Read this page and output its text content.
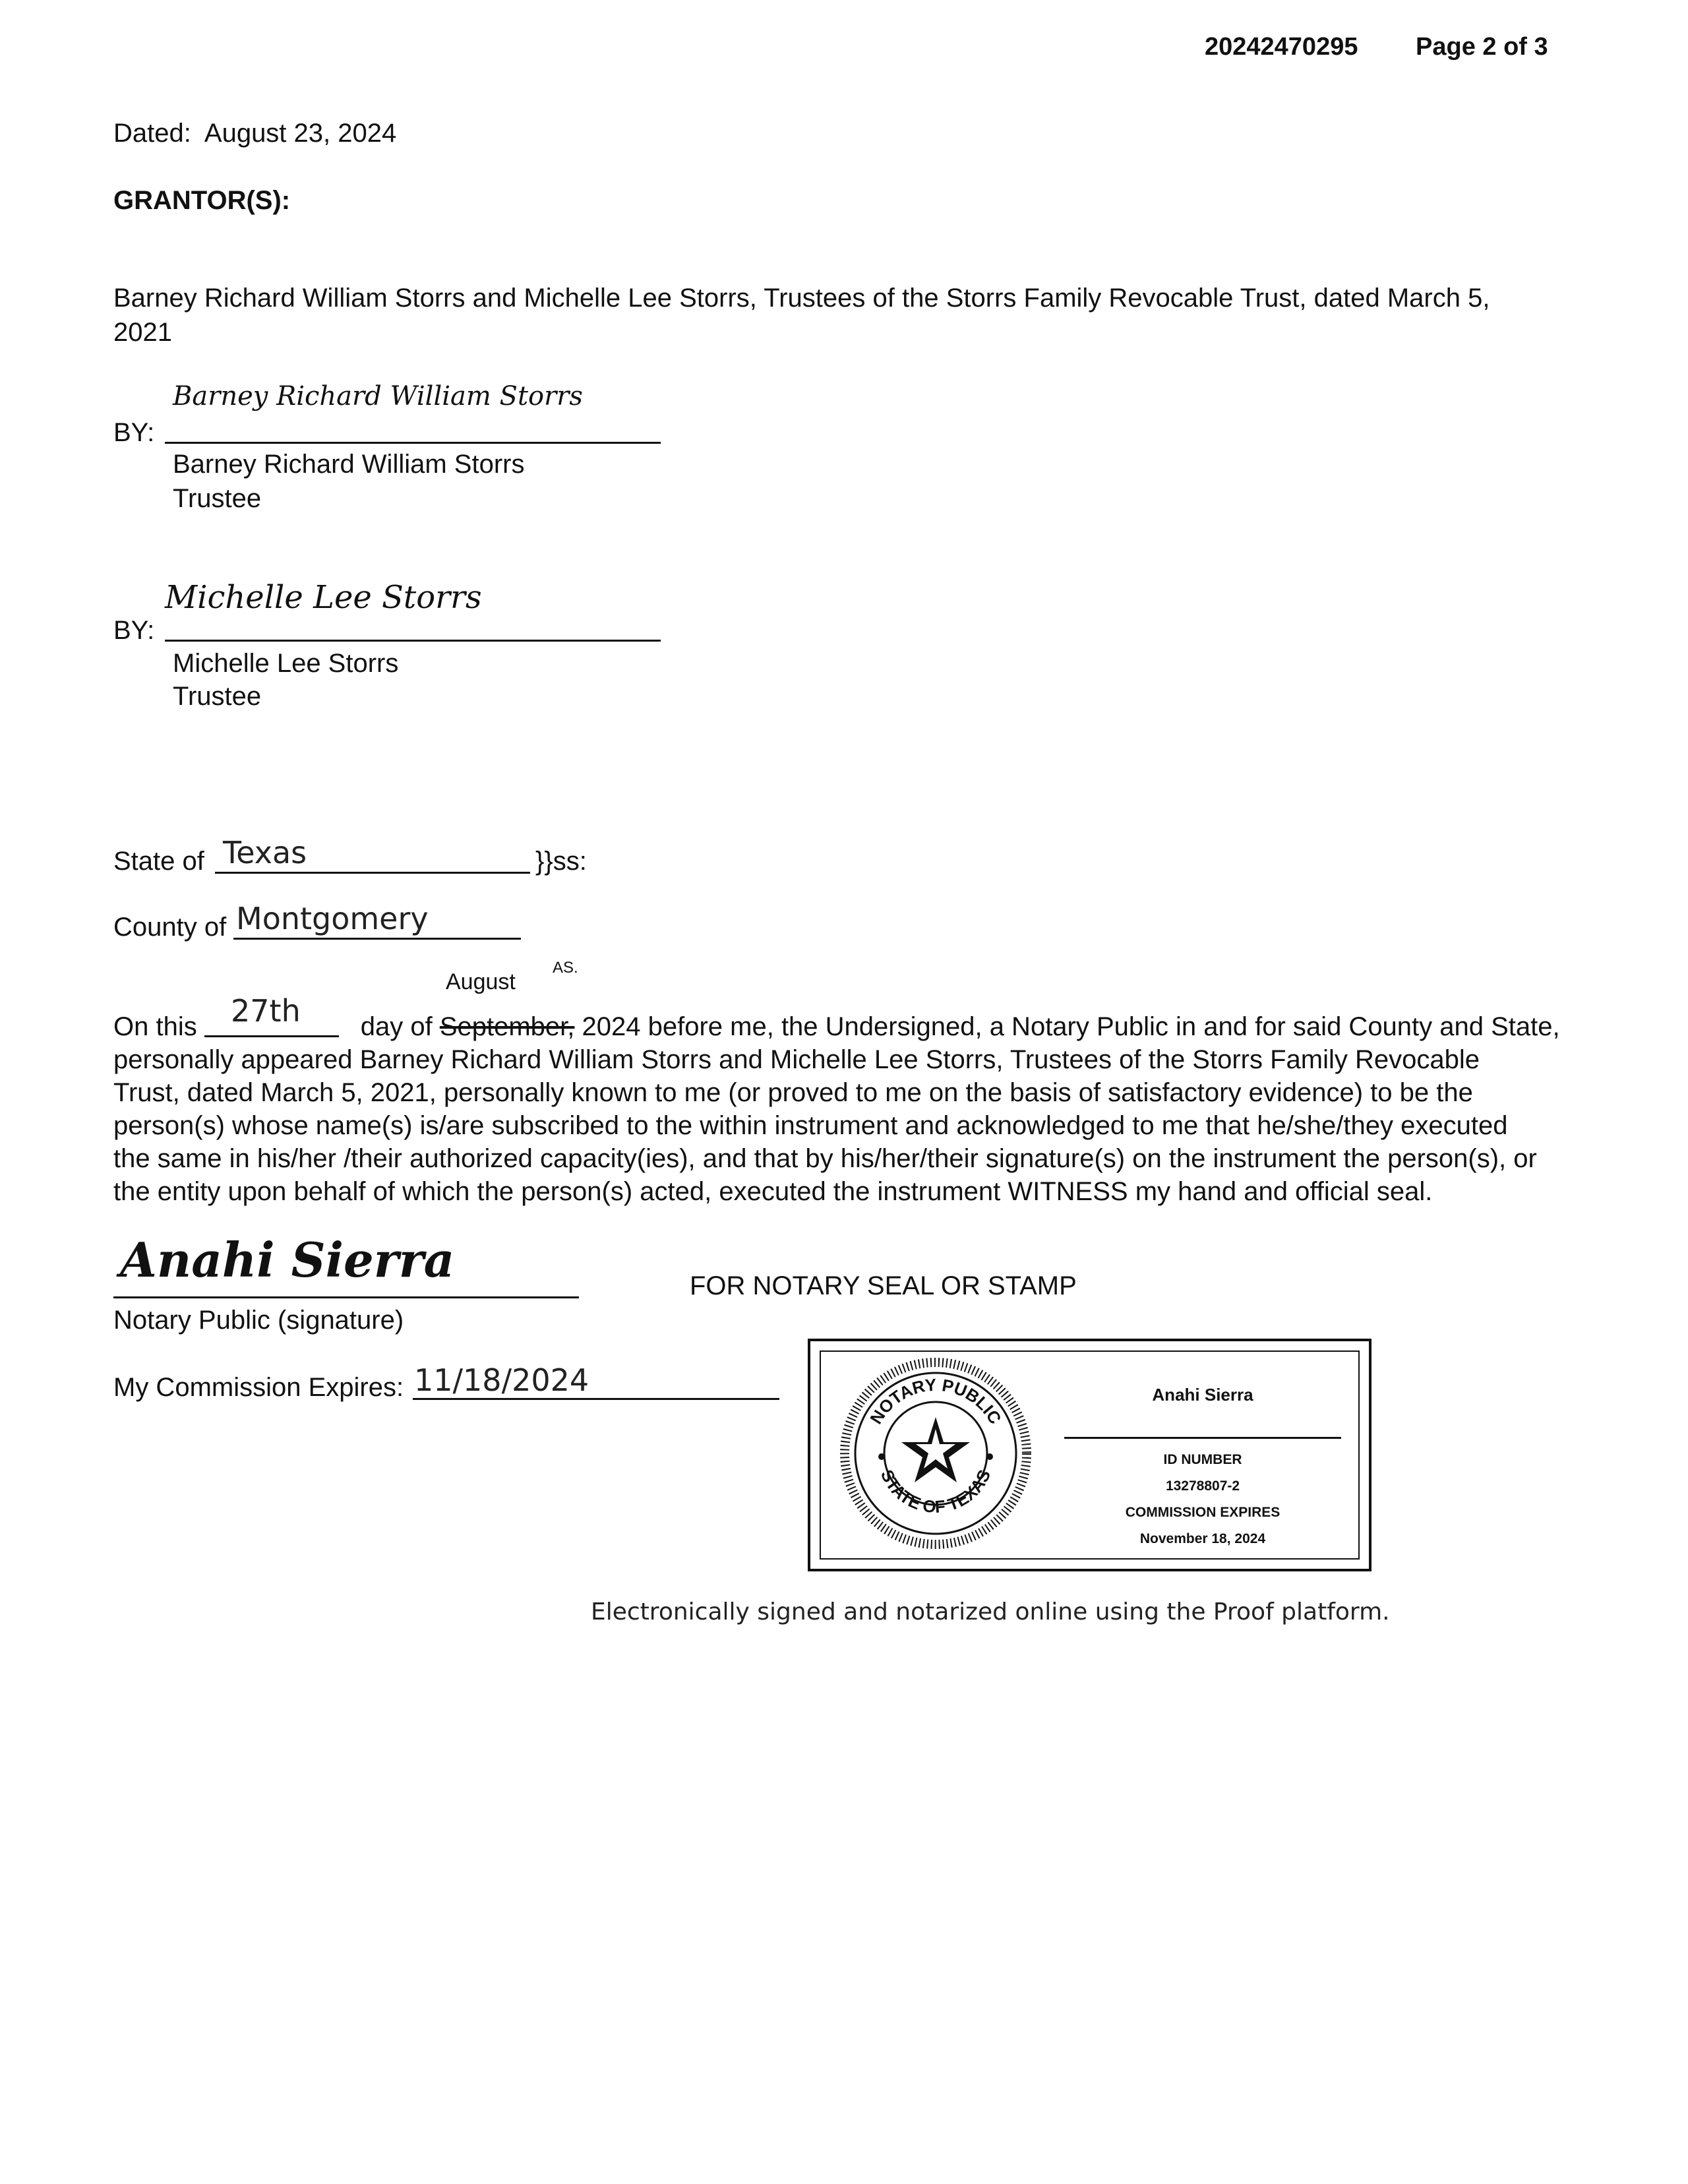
20242470295 Page 2 of 3
Dated: August 23, 2024
GRANTOR(S):
Barney Richard William Storrs and Michelle Lee Storrs, Trustees of the Storrs Family Revocable Trust, dated March 5,
2021
Barney Richard William Storrs
BY:
Barney Richard William Storrs
Trustee
Michelle Lee Storrs
BY:
Michelle Lee Storrs
Trustee
State of Texas	}}ss:
County of Montgomery
August
AS.
27th
On this	day of September, 2024 before me, the Undersigned, a Notary Public in and for said County and State,
personally appeared Barney Richard William Storrs and Michelle Lee Storrs, Trustees of the Storrs Family Revocable
Trust, dated March 5, 2021, personally known to me (or proved to me on the basis of satisfactory evidence) to be the
person(s) whose name(s) is/are subscribed to the within instrument and acknowledged to me that he/she/they executed
the same in his/her /their authorized capacity(ies), and that by his/her/their signature(s) on the instrument the person(s), or
the entity upon behalf of which the person(s) acted, executed the instrument WITNESS my hand and official seal.
Anahi Sierra
Notary Public (signature)
FOR NOTARY SEAL OR STAMP
My Commission Expires: 11/18/2024
NOTARY PUBLIC
STATE OF TEXAS
Anahi Sierra
ID NUMBER
13278807-2
COMMISSION EXPIRES
November 18, 2024
Electronically signed and notarized online using the Proof platform.
